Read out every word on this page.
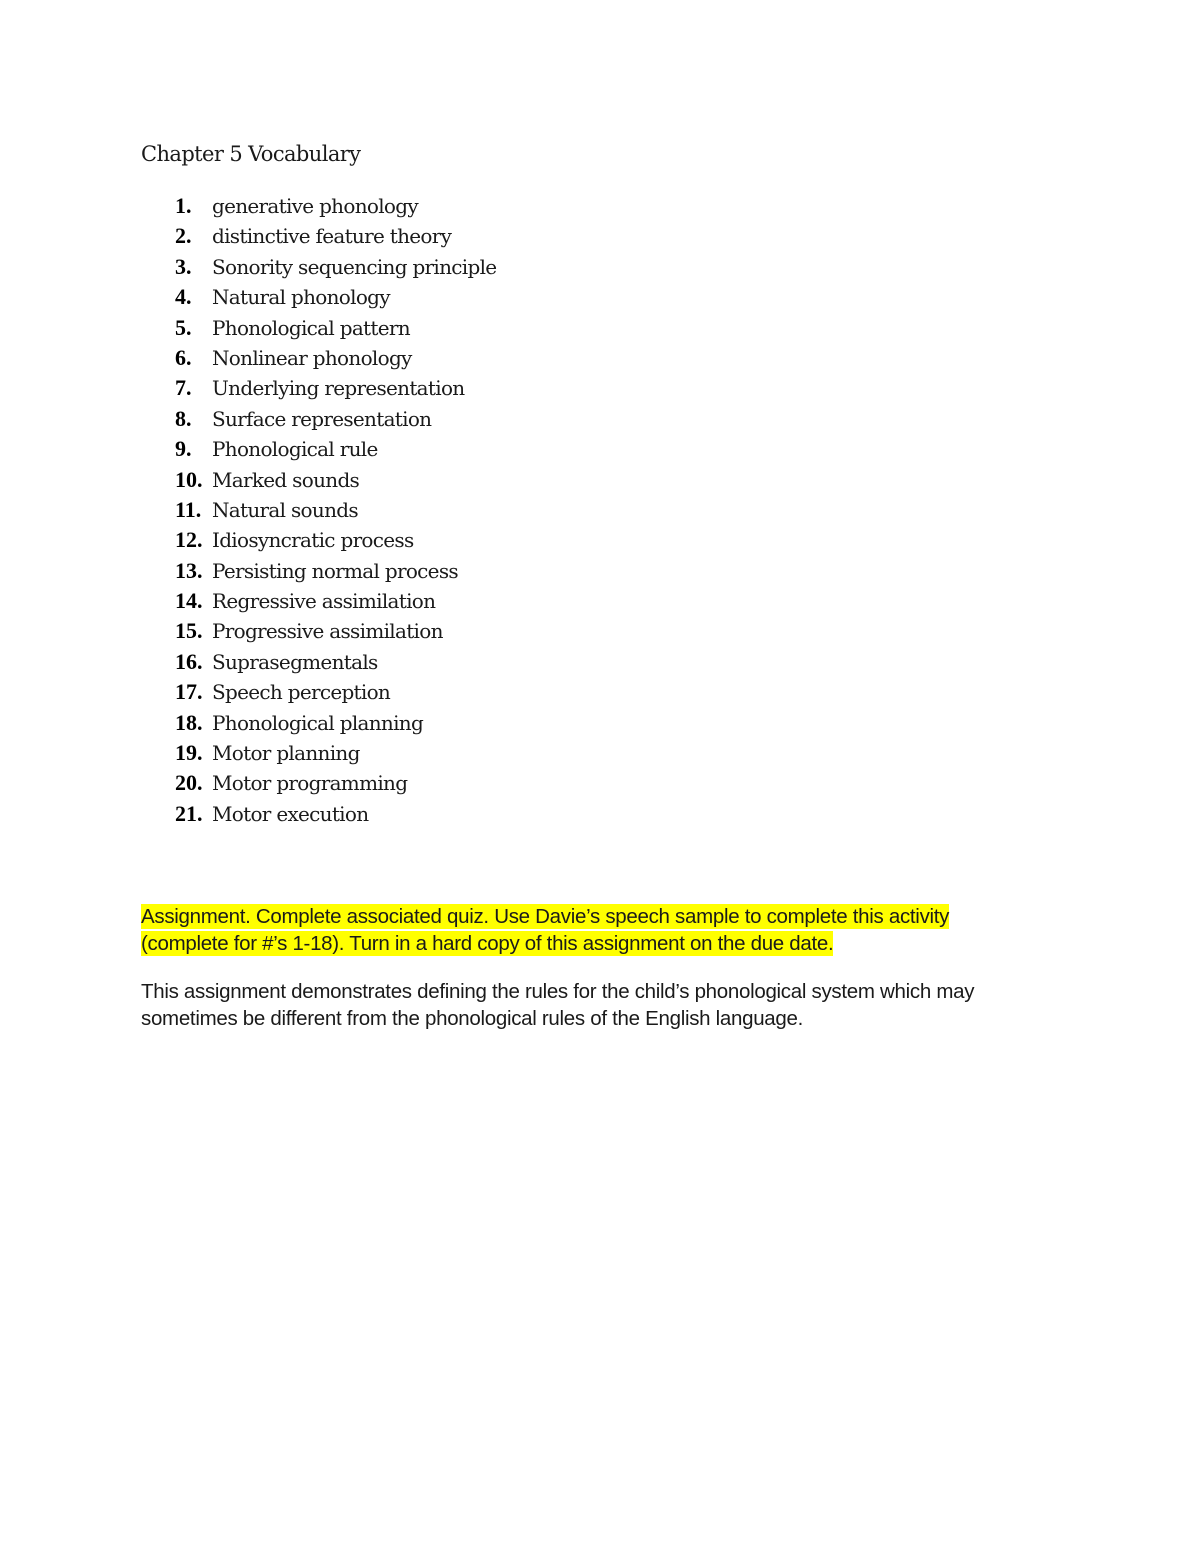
Chapter 5 Vocabulary
1. generative phonology
2. distinctive feature theory
3. Sonority sequencing principle
4. Natural phonology
5. Phonological pattern
6. Nonlinear phonology
7. Underlying representation
8. Surface representation
9. Phonological rule
10. Marked sounds
11. Natural sounds
12. Idiosyncratic process
13. Persisting normal process
14. Regressive assimilation
15. Progressive assimilation
16. Suprasegmentals
17. Speech perception
18. Phonological planning
19. Motor planning
20. Motor programming
21. Motor execution

Assignment. Complete associated quiz. Use Davie’s speech sample to complete this activity
(complete for #’s 1-18). Turn in a hard copy of this assignment on the due date.

This assignment demonstrates defining the rules for the child’s phonological system which may
sometimes be different from the phonological rules of the English language.
